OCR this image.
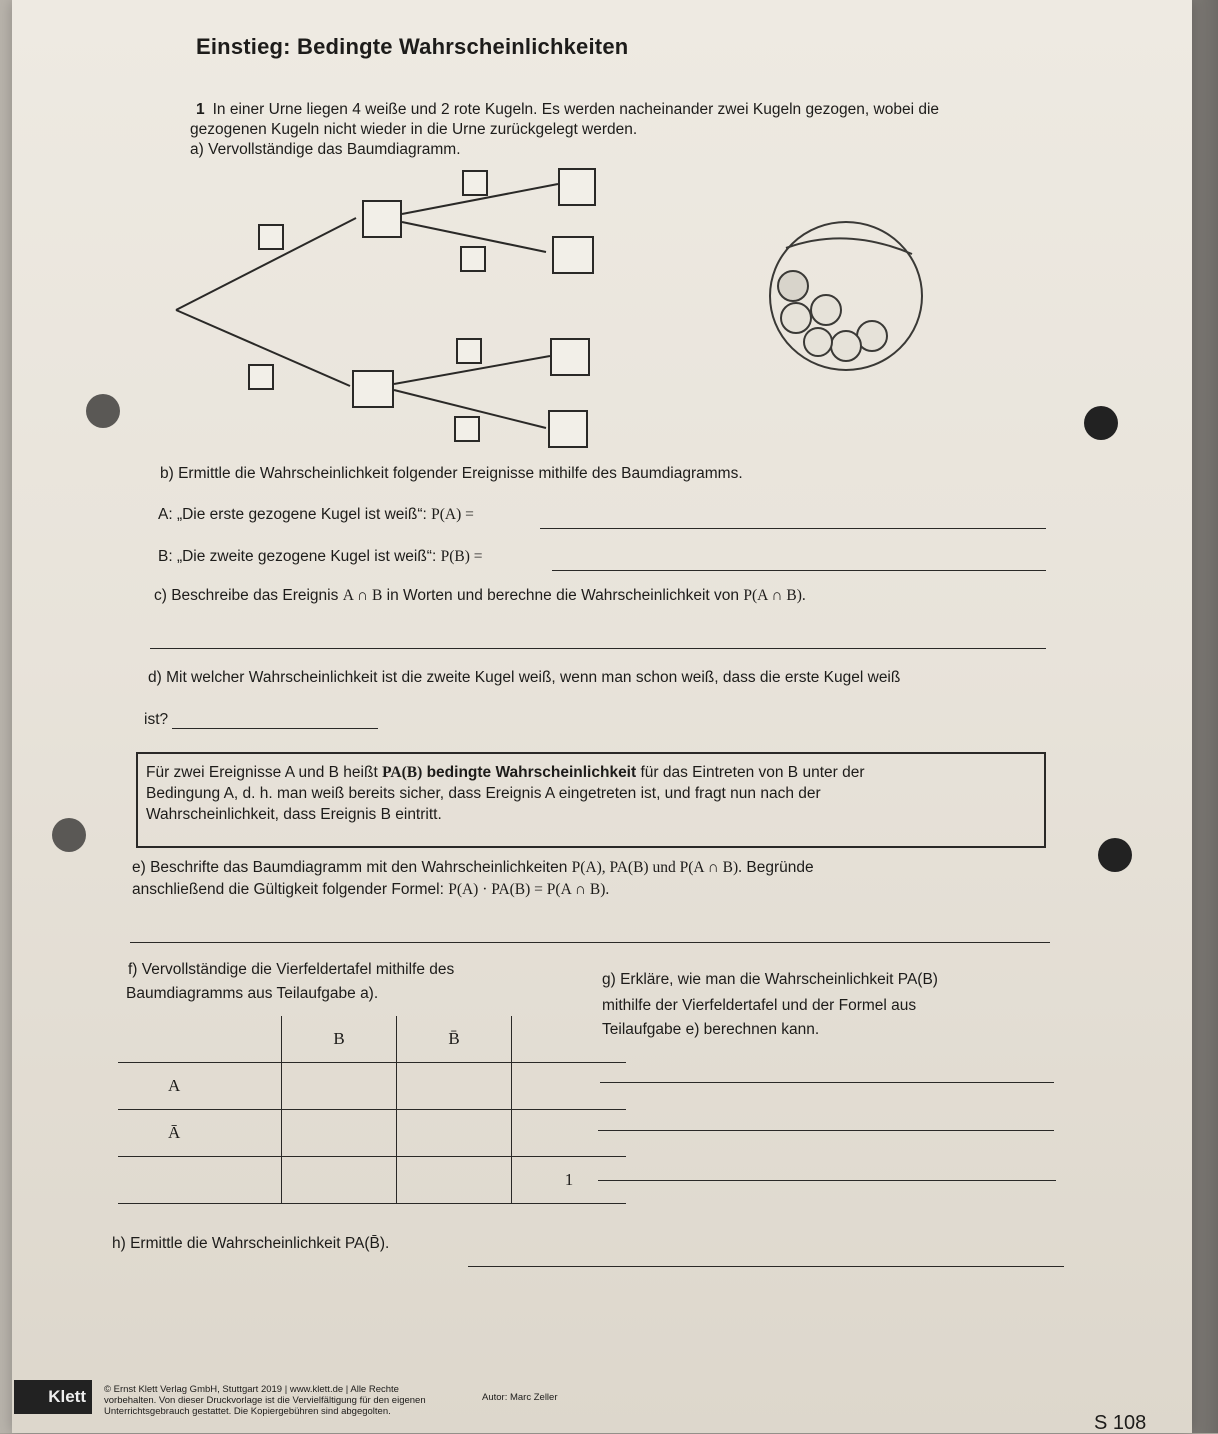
Einstieg: Bedingte Wahrscheinlichkeiten
1 In einer Urne liegen 4 weiße und 2 rote Kugeln. Es werden nacheinander zwei Kugeln gezogen, wobei die
gezogenen Kugeln nicht wieder in die Urne zurückgelegt werden.
a) Vervollständige das Baumdiagramm.
b) Ermittle die Wahrscheinlichkeit folgender Ereignisse mithilfe des Baumdiagramms.
A: „Die erste gezogene Kugel ist weiß“: P(A) =
B: „Die zweite gezogene Kugel ist weiß“: P(B) =
c) Beschreibe das Ereignis A ∩ B in Worten und berechne die Wahrscheinlichkeit von P(A ∩ B).
d) Mit welcher Wahrscheinlichkeit ist die zweite Kugel weiß, wenn man schon weiß, dass die erste Kugel weiß
ist?
Für zwei Ereignisse A und B heißt PA(B) bedingte Wahrscheinlichkeit für das Eintreten von B unter der
Bedingung A, d. h. man weiß bereits sicher, dass Ereignis A eingetreten ist, und fragt nun nach der
Wahrscheinlichkeit, dass Ereignis B eintritt.
e) Beschrifte das Baumdiagramm mit den Wahrscheinlichkeiten P(A), PA(B) und P(A ∩ B). Begründe
anschließend die Gültigkeit folgender Formel: P(A) · PA(B) = P(A ∩ B).
f) Vervollständige die Vierfeldertafel mithilfe des
Baumdiagramms aus Teilaufgabe a).
	B	B̄	
A			
Ā			
			1
g) Erkläre, wie man die Wahrscheinlichkeit PA(B)
mithilfe der Vierfeldertafel und der Formel aus
Teilaufgabe e) berechnen kann.
h) Ermittle die Wahrscheinlichkeit PA(B̄).
Klett	© Ernst Klett Verlag GmbH, Stuttgart 2019 | www.klett.de | Alle Rechte
vorbehalten. Von dieser Druckvorlage ist die Vervielfältigung für den eigenen
Unterrichtsgebrauch gestattet. Die Kopiergebühren sind abgegolten.
Autor: Marc Zeller
S 108
